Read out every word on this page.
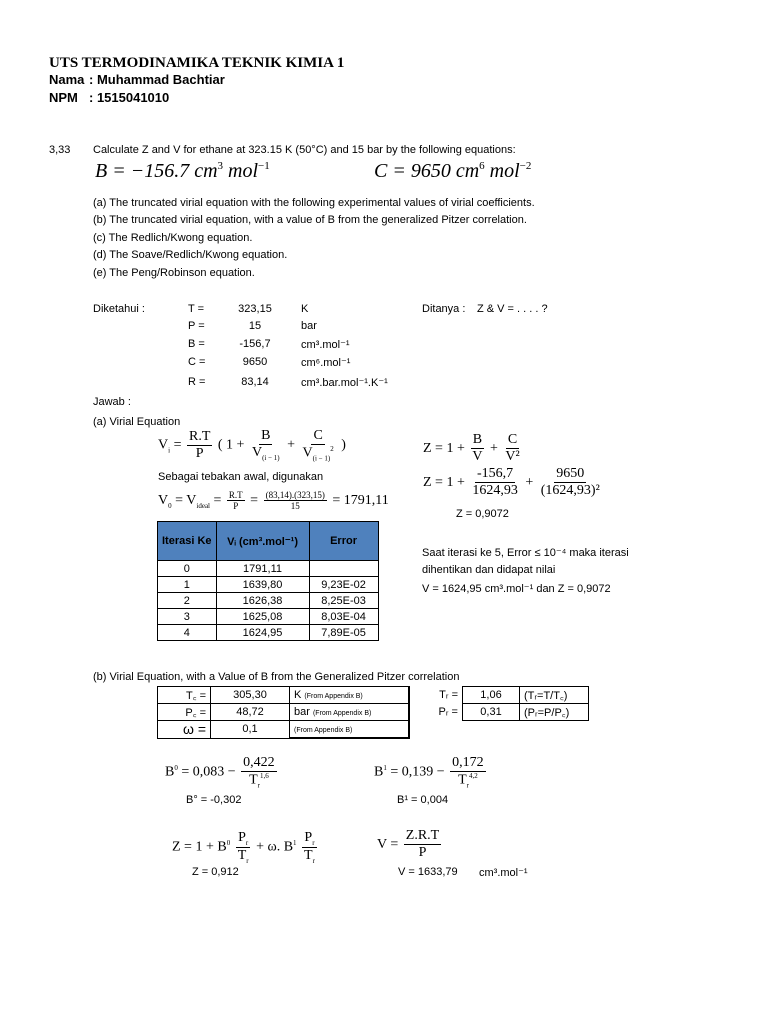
UTS TERMODINAMIKA TEKNIK KIMIA 1
Nama : Muhammad Bachtiar
NPM : 1515041010
3,33 Calculate Z and V for ethane at 323.15 K (50°C) and 15 bar by the following equations:
B = −156.7 $cm^3$ mol$^{-1}$	C = 9650 $cm^6$ mol$^{-2}$
(a) The truncated virial equation with the following experimental values of virial coefficients.
(b) The truncated virial equation, with a value of B from the generalized Pitzer correlation.
(c) The Redlich/Kwong equation.
(d) The Soave/Redlich/Kwong equation.
(e) The Peng/Robinson equation.
Diketahui :	T =	323,15	K
P =	15	bar
B =	-156,7	cm³.mol⁻¹
C =	9650	cm⁶.mol⁻¹
R =	83,14	cm³.bar.mol⁻¹.K⁻¹
Ditanya : Z & V = . . . . ?
Jawab :
(a) Virial Equation
$V_i = \frac{R.T}{P}$ ( $1 + \frac{B}{V_{(i - 1)}} + \frac{C}{V_{(i - 1)}^2}$ )	$Z = 1 + \frac{B}{V} + \frac{C}{\text{V²}}$
Sebagai tebakan awal, digunakan	$Z = 1 + \frac{-156,7}{1624,93} + \frac{9650}{\text{(1624,93)²}}$
$V_0 = V_{ideal} = \frac{R.T}{P} = \frac{(83,14).(323,15)}{15} = 1791,11$
Z = 0,9072
Iterasi Ke	Vᵢ (cm³.mol⁻¹)	Error
0	1791,11	
1	1639,80	9,23E-02
2	1626,38	8,25E-03
3	1625,08	8,03E-04
4	1624,95	7,89E-05
Saat iterasi ke 5, Error ≤ 10⁻⁴ maka iterasi
dihentikan dan didapat nilai
V = 1624,95 cm³.mol⁻¹ dan Z = 0,9072
(b) Virial Equation, with a Value of B from the Generalized Pitzer correlation
T꜀ =	305,30	K (From Appendix B)	Tᵣ =	1,06	(Tᵣ=T/T꜀)
P꜀ =	48,72	bar (From Appendix B)	Pᵣ =	0,31	(Pᵣ=P/P꜀)
ω =	0,1	(From Appendix B)			
$B^0 = 0,083 - \frac{0,422}{T_r^{1,6}}$
B° = -0,302
$B^1 = 0,139 - \frac{0,172}{T_r^{4,2}}$
B¹ = 0,004
$Z = 1 + B^0 \frac{P_r}{T_r} + \omega$. $B^1 \frac{P_r}{T_r}$
Z = 0,912
$V = \frac{Z.R.T}{P}$
V = 1633,79 cm³.mol⁻¹
